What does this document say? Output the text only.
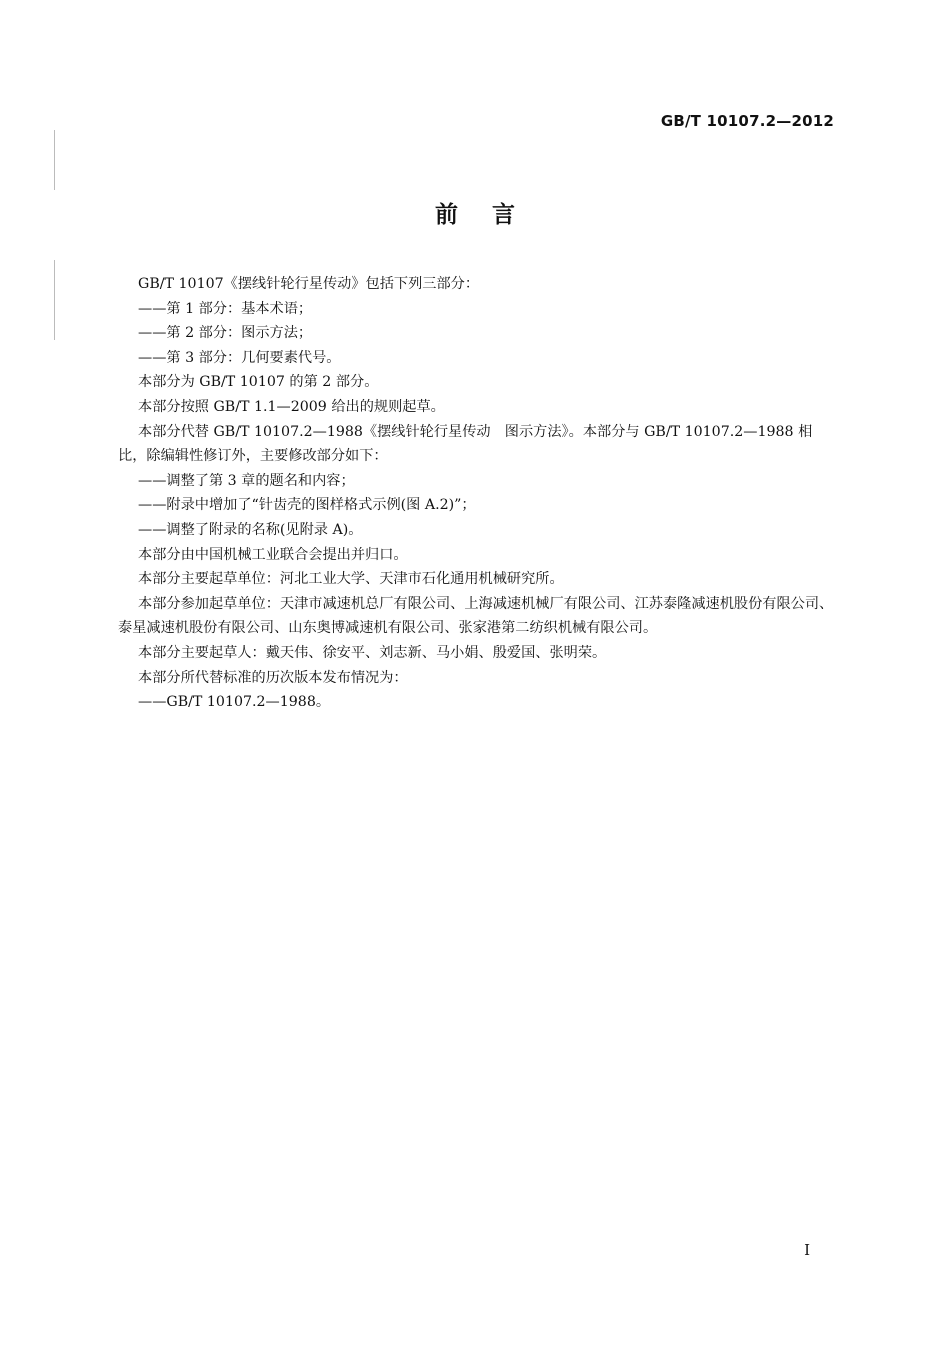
GB/T 10107.2—2012
前言

GB/T 10107《摆线针轮行星传动》包括下列三部分：

——第 1 部分：基本术语；

——第 2 部分：图示方法；

——第 3 部分：几何要素代号。

本部分为 GB/T 10107 的第 2 部分。

本部分按照 GB/T 1.1—2009 给出的规则起草。

本部分代替 GB/T 10107.2—1988《摆线针轮行星传动　图示方法》。本部分与 GB/T 10107.2—1988 相比，除编辑性修订外，主要修改部分如下：

——调整了第 3 章的题名和内容；

——附录中增加了“针齿壳的图样格式示例(图 A.2)”；

——调整了附录的名称(见附录 A)。

本部分由中国机械工业联合会提出并归口。

本部分主要起草单位：河北工业大学、天津市石化通用机械研究所。

本部分参加起草单位：天津市减速机总厂有限公司、上海减速机械厂有限公司、江苏泰隆减速机股份有限公司、泰星减速机股份有限公司、山东奥博减速机有限公司、张家港第二纺织机械有限公司。

本部分主要起草人：戴天伟、徐安平、刘志新、马小娟、殷爱国、张明荣。

本部分所代替标准的历次版本发布情况为：

——GB/T 10107.2—1988。

I
